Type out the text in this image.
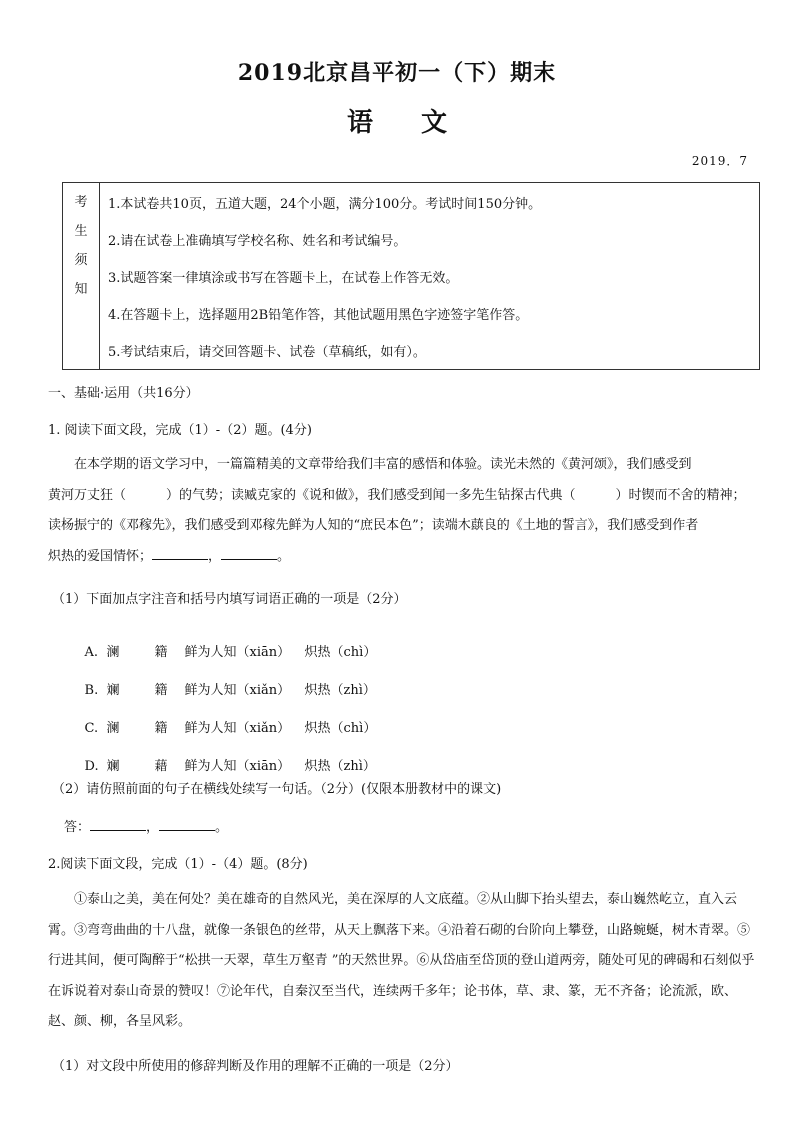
2019北京昌平初一（下）期末
语 文
2019．7
考
生
须
知
1.本试卷共10页，五道大题，24个小题，满分100分。考试时间150分钟。
2.请在试卷上准确填写学校名称、姓名和考试编号。
3.试题答案一律填涂或书写在答题卡上，在试卷上作答无效。
4.在答题卡上，选择题用2B铅笔作答，其他试题用黑色字迹签字笔作答。
5.考试结束后，请交回答题卡、试卷（草稿纸，如有）。
一、基础·运用（共16分）
1. 阅读下面文段，完成（1）-（2）题。(4分)
在本学期的语文学习中，一篇篇精美的文章带给我们丰富的感悟和体验。读光未然的《黄河颂》，我们感受到
黄河万丈狂（	）的气势；读臧克家的《说和做》，我们感受到闻一多先生钻探古代典（	）时锲而不舍的精神；
读杨振宁的《邓稼先》，我们感受到邓稼先鲜为人知的“庶民本色”；读端木蕻良的《土地的誓言》，我们感受到作者
炽热的爱国情怀；	，	。
（1）下面加点字注音和括号内填写词语正确的一项是（2分）

A. 澜	籍 鲜为人知（xiān） 炽热（chì）

B. 斓	籍 鲜为人知（xiǎn） 炽热（zhì）

C. 澜	籍 鲜为人知（xiǎn） 炽热（chì）

D. 斓	藉 鲜为人知（xiān） 炽热（zhì）

（2）请仿照前面的句子在横线处续写一句话。（2分）(仅限本册教材中的课文)
答：	，	。
2.阅读下面文段，完成（1）-（4）题。(8分)
①泰山之美，美在何处？美在雄奇的自然风光，美在深厚的人文底蕴。②从山脚下抬头望去，泰山巍然屹立，直入云霄。③弯弯曲曲的十八盘，就像一条银色的丝带，从天上飘落下来。④沿着石砌的台阶向上攀登，山路蜿蜒，树木青翠。⑤行进其间，便可陶醉于“松拱一天翠，草生万壑青 ”的天然世界。⑥从岱庙至岱顶的登山道两旁，随处可见的碑碣和石刻似乎在诉说着对泰山奇景的赞叹！⑦论年代，自秦汉至当代，连续两千多年；论书体，草、隶、篆，无不齐备；论流派，欧、赵、颜、柳，各呈风彩。
（1）对文段中所使用的修辞判断及作用的理解不正确的一项是（2分）
